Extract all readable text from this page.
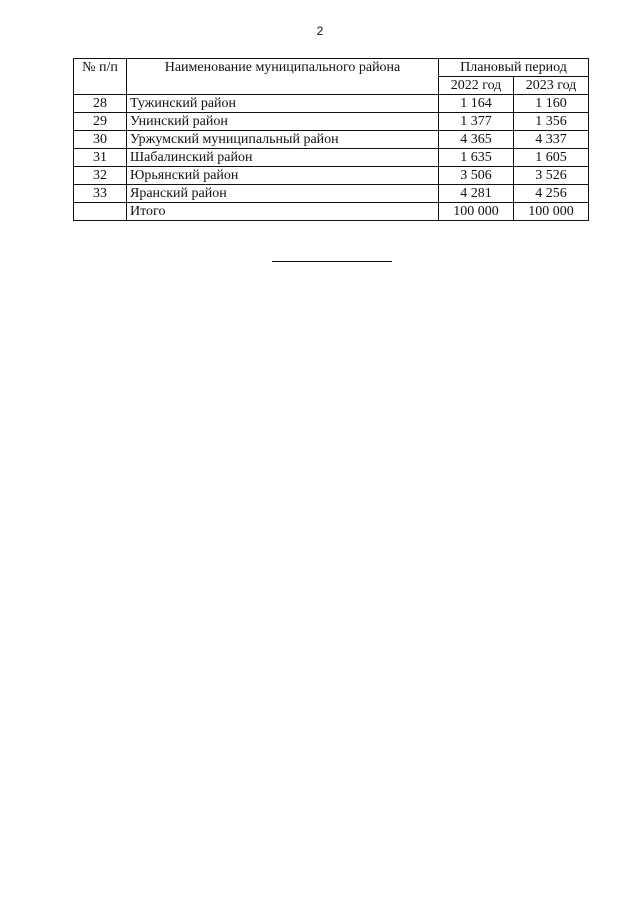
2
№ п/п	Наименование муниципального района	Плановый период	
		2022 год	2023 год
28	Тужинский район	1 164	1 160
29	Унинский район	1 377	1 356
30	Уржумский муниципальный район	4 365	4 337
31	Шабалинский район	1 635	1 605
32	Юрьянский район	3 506	3 526
33	Яранский район	4 281	4 256
	Итого	100 000	100 000
